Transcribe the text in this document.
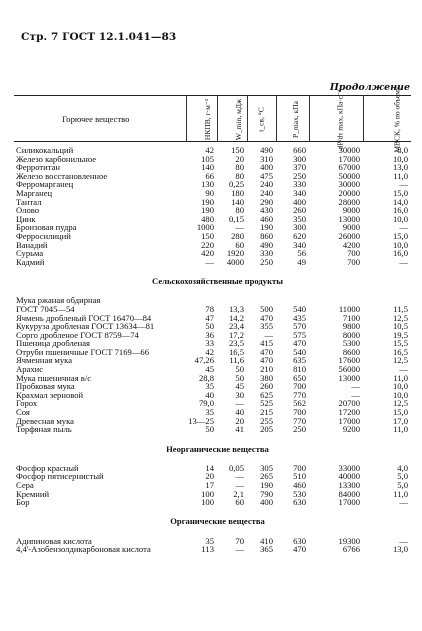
Стр. 7 ГОСТ 12.1.041—83
Продолжение
Горючее вещество	НКПВ, г·м⁻³	W_min, мДж	t_св, °С	P_max, кПа	dP/dτ max, кПа·с⁻¹	МВСК, % по объему

Силикокальций	42	150	490	660	30000	8,0
Железо карбонильное	105	20	310	300	17000	10,0
Ферротитан	140	80	400	370	67000	13,0
Железо восстановленное	66	80	475	250	50000	11,0
Ферромарганец	130	0,25	240	330	30000	—
Марганец	90	180	240	340	20000	15,0
Тантал	190	140	290	400	28000	14,0
Олово	190	80	430	260	9000	16,0
Цинк	480	0,15	460	350	13000	10,0
Бронзовая пудра	1000	—	190	300	9000	—
Ферросилиций	150	280	860	620	26000	15,0
Ванадий	220	60	490	340	4200	10,0
Сурьма	420	1920	330	56	700	16,0
Кадмий	—	4000	250	49	700	—
Сельскохозяйственные продукты						
Мука ржаная обдирная						
ГОСТ 7045—54	78	13,3	500	540	11000	11,5
Ячмень дробленый ГОСТ 16470—84	47	14,2	470	435	7100	12,5
Кукуруза дробленая ГОСТ 13634—81	50	23,4	355	570	9800	10,5
Сорго дробленое ГОСТ 8759—74	36	17,2	—	575	8000	19,5
Пшеница дробленая	33	23,5	415	470	5300	15,5
Отруби пшеничные ГОСТ 7169—66	42	16,5	470	540	8600	16,5
Ячменная мука	47,26	11,6	470	635	17600	12,5
Арахис	45	50	210	810	56000	—
Мука пшеничная в/с	28,8	50	380	650	13000	11,0
Пробковая мука	35	45	260	700	—	10,0
Крахмал зерновой	40	30	625	770	—	10,0
Горох	79,0	—	525	562	20700	12,5
Соя	35	40	215	700	17200	15,0
Древесная мука	13—25	20	255	770	17000	17,0
Торфяная пыль	50	41	205	250	9200	11,0
Неорганические вещества						
Фосфор красный	14	0,05	305	700	33000	4,0
Фосфор пятисернистый	20	—	265	510	40000	5,0
Сера	17	—	190	460	13300	5,0
Кремний	100	2,1	790	530	84000	11,0
Бор	100	60	400	630	17000	—
Органические вещества						
Адипиновая кислота	35	70	410	630	19300	—
4,4'-Азобензолдикарбоновая кислота	113	—	365	470	6766	13,0
